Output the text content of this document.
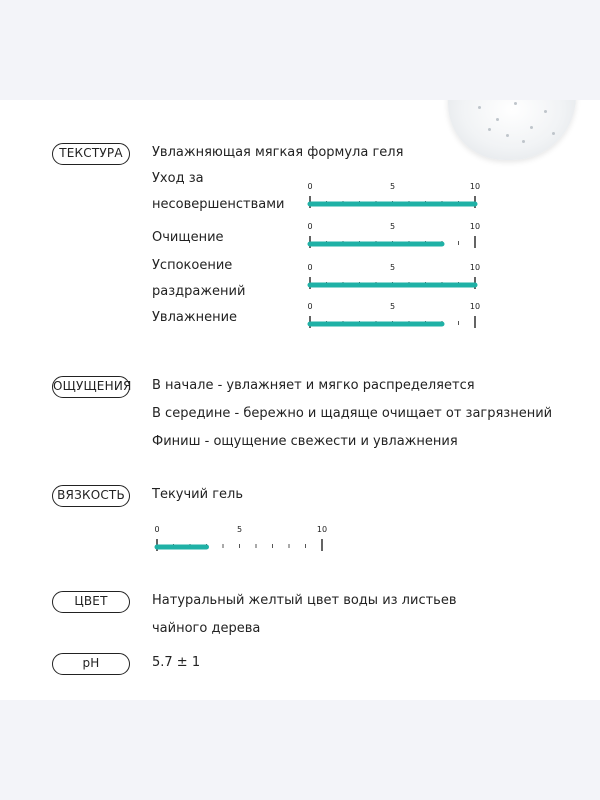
ТЕКСТУРА	Увлажняющая мягкая формула геля
Уход за
несовершенствами
0	5	10
Очищение
0	5	10
Успокоение
раздражений
0	5	10
Увлажнение
0	5	10
ОЩУЩЕНИЯ В начале - увлажняет и мягко распределяется
В середине - бережно и щадяще очищает от загрязнений
Финиш - ощущение свежести и увлажнения
ВЯЗКОСТЬ	Текучий гель
0	5	10
ЦВЕТ	Натуральный желтый цвет воды из листьев
чайного дерева
pH	5.7 ± 1
